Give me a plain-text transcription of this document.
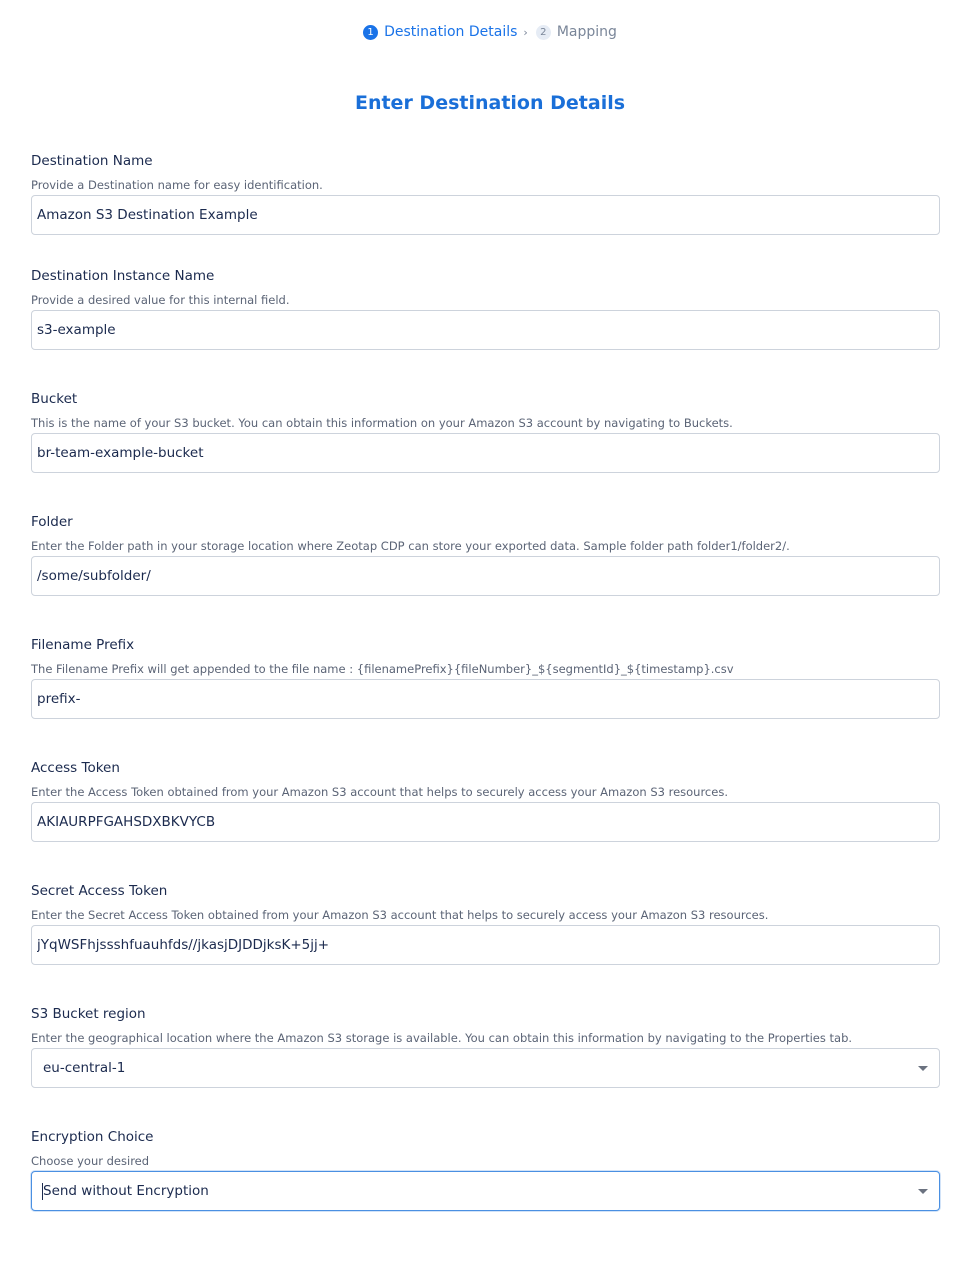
1 Destination Details ›	2 Mapping
Enter Destination Details
Destination Name
Provide a Destination name for easy identification.
Amazon S3 Destination Example
Destination Instance Name
Provide a desired value for this internal field.
s3-example
Bucket
This is the name of your S3 bucket. You can obtain this information on your Amazon S3 account by navigating to Buckets.
br-team-example-bucket
Folder
Enter the Folder path in your storage location where Zeotap CDP can store your exported data. Sample folder path folder1/folder2/.
/some/subfolder/
Filename Prefix
The Filename Prefix will get appended to the file name : {filenamePrefix}{fileNumber}_${segmentId}_${timestamp}.csv
prefix-
Access Token
Enter the Access Token obtained from your Amazon S3 account that helps to securely access your Amazon S3 resources.
AKIAURPFGAHSDXBKVYCB
Secret Access Token
Enter the Secret Access Token obtained from your Amazon S3 account that helps to securely access your Amazon S3 resources.
jYqWSFhjssshfuauhfds//jkasjDJDDjksK+5jj+
S3 Bucket region
Enter the geographical location where the Amazon S3 storage is available. You can obtain this information by navigating to the Properties tab.
eu-central-1
Encryption Choice
Choose your desired
Send without Encryption
